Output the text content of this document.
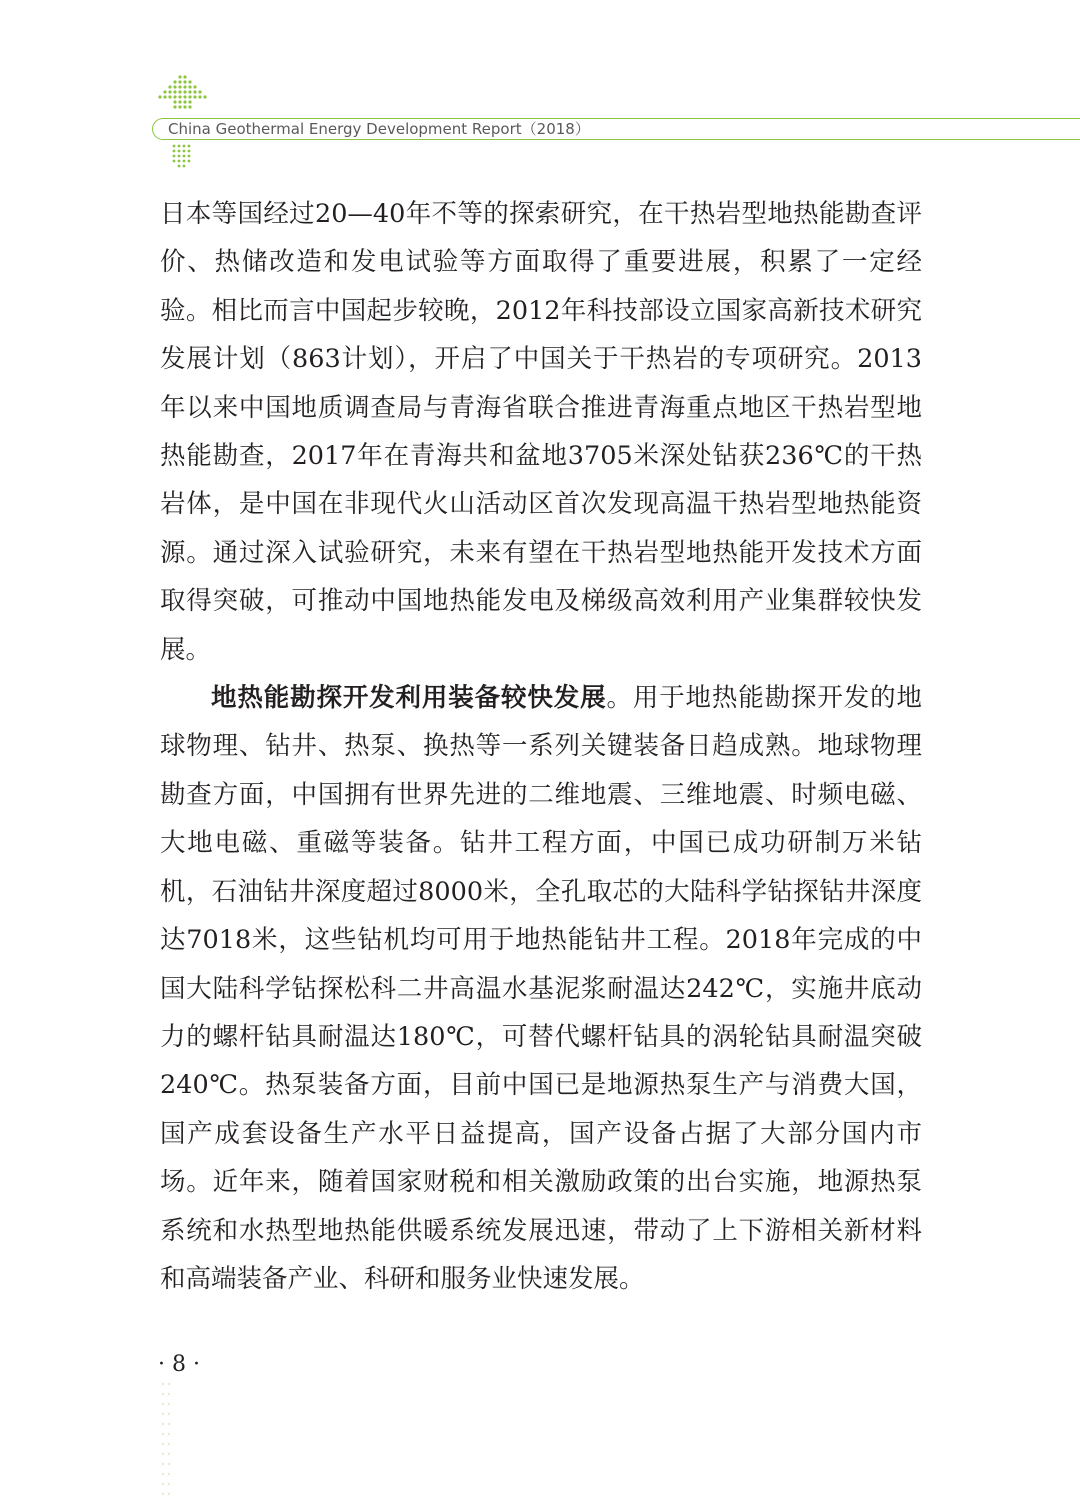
China Geothermal Energy Development Report（2018）

日本等国经过20—40年不等的探索研究，在干热岩型地热能勘查评价、热储改造和发电试验等方面取得了重要进展，积累了一定经验。相比而言中国起步较晚，2012年科技部设立国家高新技术研究发展计划（863计划），开启了中国关于干热岩的专项研究。2013年以来中国地质调查局与青海省联合推进青海重点地区干热岩型地热能勘查，2017年在青海共和盆地3705米深处钻获236℃的干热岩体，是中国在非现代火山活动区首次发现高温干热岩型地热能资源。通过深入试验研究，未来有望在干热岩型地热能开发技术方面取得突破，可推动中国地热能发电及梯级高效利用产业集群较快发展。

地热能勘探开发利用装备较快发展。用于地热能勘探开发的地球物理、钻井、热泵、换热等一系列关键装备日趋成熟。地球物理勘查方面，中国拥有世界先进的二维地震、三维地震、时频电磁、大地电磁、重磁等装备。钻井工程方面，中国已成功研制万米钻机，石油钻井深度超过8000米，全孔取芯的大陆科学钻探钻井深度达7018米，这些钻机均可用于地热能钻井工程。2018年完成的中国大陆科学钻探松科二井高温水基泥浆耐温达242℃，实施井底动力的螺杆钻具耐温达180℃，可替代螺杆钻具的涡轮钻具耐温突破240℃。热泵装备方面，目前中国已是地源热泵生产与消费大国，国产成套设备生产水平日益提高，国产设备占据了大部分国内市场。近年来，随着国家财税和相关激励政策的出台实施，地源热泵系统和水热型地热能供暖系统发展迅速，带动了上下游相关新材料和高端装备产业、科研和服务业快速发展。

· 8 ·
